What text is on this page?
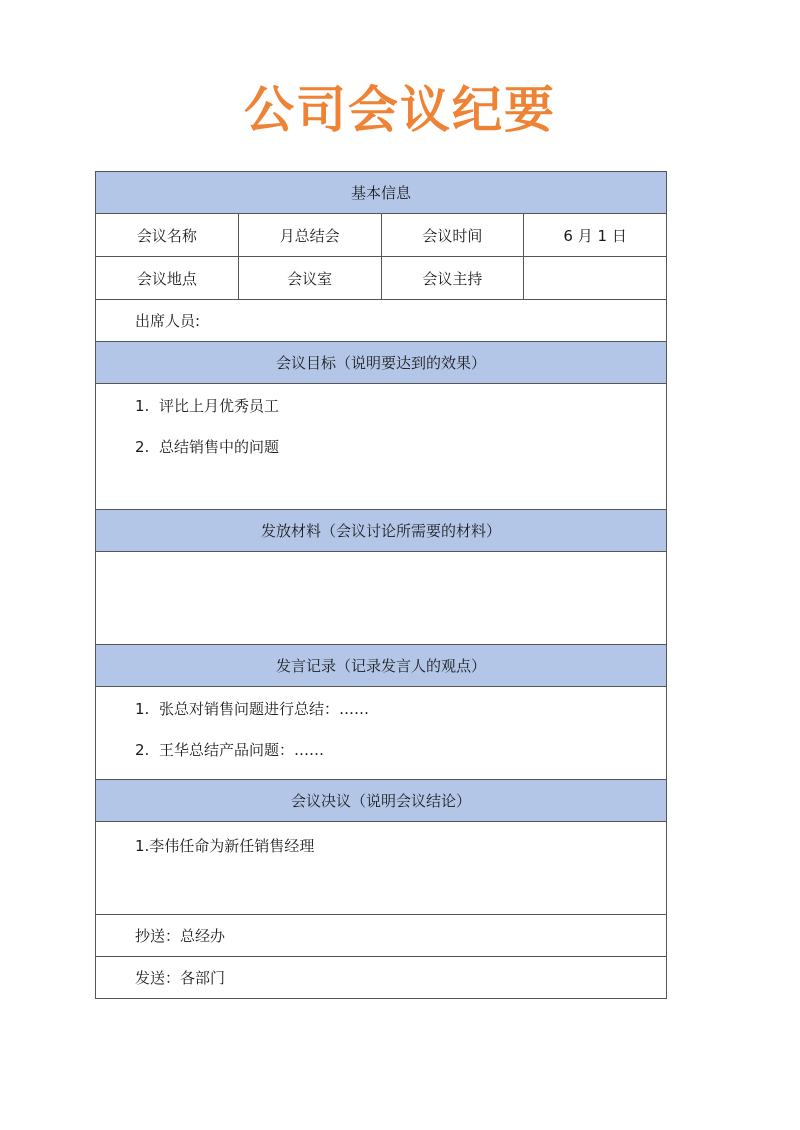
公司会议纪要
基本信息
会议名称	月总结会	会议时间	6 月 1 日
会议地点	会议室	会议主持
出席人员:
会议目标（说明要达到的效果）
1. 评比上月优秀员工
2. 总结销售中的问题
发放材料（会议讨论所需要的材料）
发言记录（记录发言人的观点）
1. 张总对销售问题进行总结：……
2. 王华总结产品问题：……
会议决议（说明会议结论）
1.李伟任命为新任销售经理
抄送：总经办
发送：各部门
